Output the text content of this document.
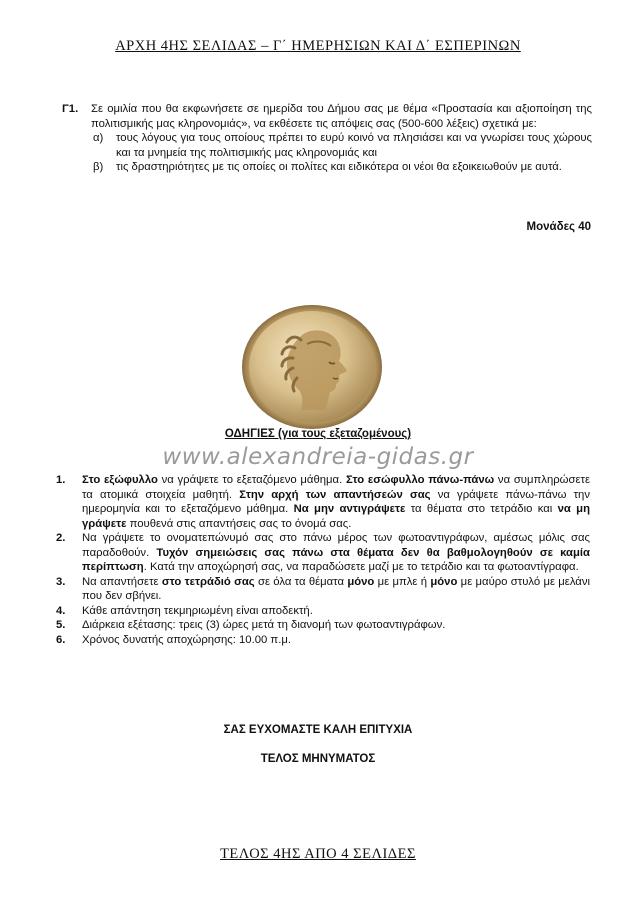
ΑΡΧΗ 4ΗΣ ΣΕΛΙΔΑΣ – Γ΄ ΗΜΕΡΗΣΙΩΝ ΚΑΙ Δ΄ ΕΣΠΕΡΙΝΩΝ
Γ1. Σε ομιλία που θα εκφωνήσετε σε ημερίδα του Δήμου σας με θέμα «Προστασία και αξιοποίηση της πολιτισμικής μας κληρονομιάς», να εκθέσετε τις απόψεις σας (500-600 λέξεις) σχετικά με:
α) τους λόγους για τους οποίους πρέπει το ευρύ κοινό να πλησιάσει και να γνωρίσει τους χώρους και τα μνημεία της πολιτισμικής μας κληρονομιάς και
β) τις δραστηριότητες με τις οποίες οι πολίτες και ειδικότερα οι νέοι θα εξοικειωθούν με αυτά.
Μονάδες 40
ΟΔΗΓΙΕΣ (για τους εξεταζομένους)
www.alexandreia-gidas.gr
1. Στο εξώφυλλο να γράψετε το εξεταζόμενο μάθημα. Στο εσώφυλλο πάνω-πάνω να συμπληρώσετε τα ατομικά στοιχεία μαθητή. Στην αρχή των απαντήσεών σας να γράψετε πάνω-πάνω την ημερομηνία και το εξεταζόμενο μάθημα. Να μην αντιγράψετε τα θέματα στο τετράδιο και να μη γράψετε πουθενά στις απαντήσεις σας το όνομά σας.
2. Να γράψετε το ονοματεπώνυμό σας στο πάνω μέρος των φωτοαντιγράφων, αμέσως μόλις σας παραδοθούν. Τυχόν σημειώσεις σας πάνω στα θέματα δεν θα βαθμολογηθούν σε καμία περίπτωση. Κατά την αποχώρησή σας, να παραδώσετε μαζί με το τετράδιο και τα φωτοαντίγραφα.
3. Να απαντήσετε στο τετράδιό σας σε όλα τα θέματα μόνο με μπλε ή μόνο με μαύρο στυλό με μελάνι που δεν σβήνει.
4. Κάθε απάντηση τεκμηριωμένη είναι αποδεκτή.
5. Διάρκεια εξέτασης: τρεις (3) ώρες μετά τη διανομή των φωτοαντιγράφων.
6. Χρόνος δυνατής αποχώρησης: 10.00 π.μ.
ΣΑΣ ΕΥΧΟΜΑΣΤΕ ΚΑΛΗ ΕΠΙΤΥΧΙΑ
ΤΕΛΟΣ ΜΗΝΥΜΑΤΟΣ
ΤΕΛΟΣ 4ΗΣ ΑΠΟ 4 ΣΕΛΙΔΕΣ
